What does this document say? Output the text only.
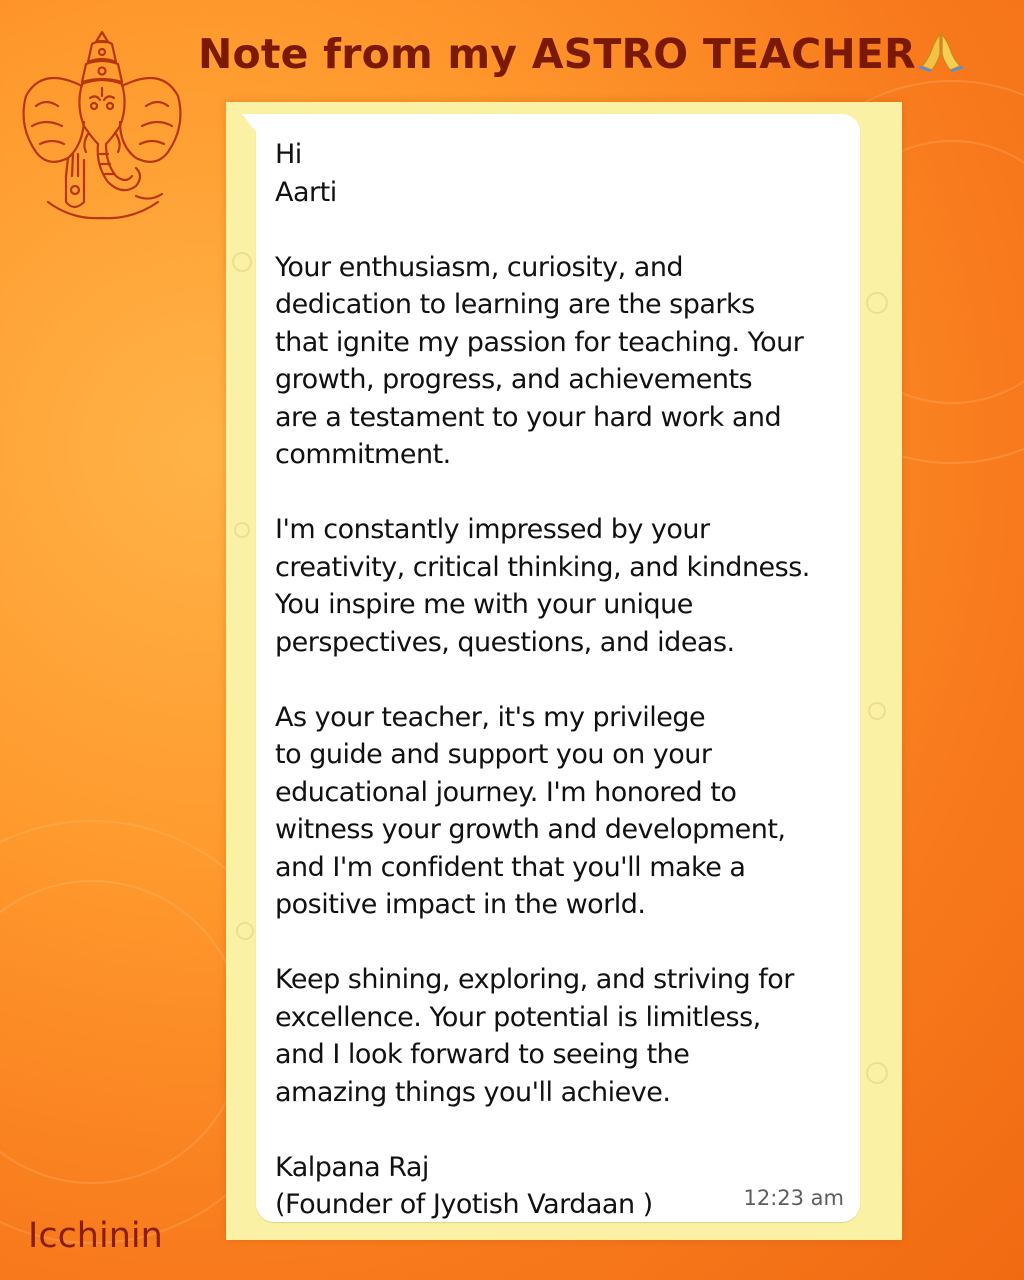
Note from my ASTRO TEACHER

Hi

Aarti

Your enthusiasm, curiosity, and

dedication to learning are the sparks

that ignite my passion for teaching. Your

growth, progress, and achievements

are a testament to your hard work and

commitment.

I'm constantly impressed by your

creativity, critical thinking, and kindness.

You inspire me with your unique

perspectives, questions, and ideas.

As your teacher, it's my privilege

to guide and support you on your

educational journey. I'm honored to

witness your growth and development,

and I'm confident that you'll make a

positive impact in the world.

Keep shining, exploring, and striving for

excellence. Your potential is limitless,

and I look forward to seeing the

amazing things you'll achieve.

Kalpana Raj

(Founder of Jyotish Vardaan )	12:23 am
Icchinin
